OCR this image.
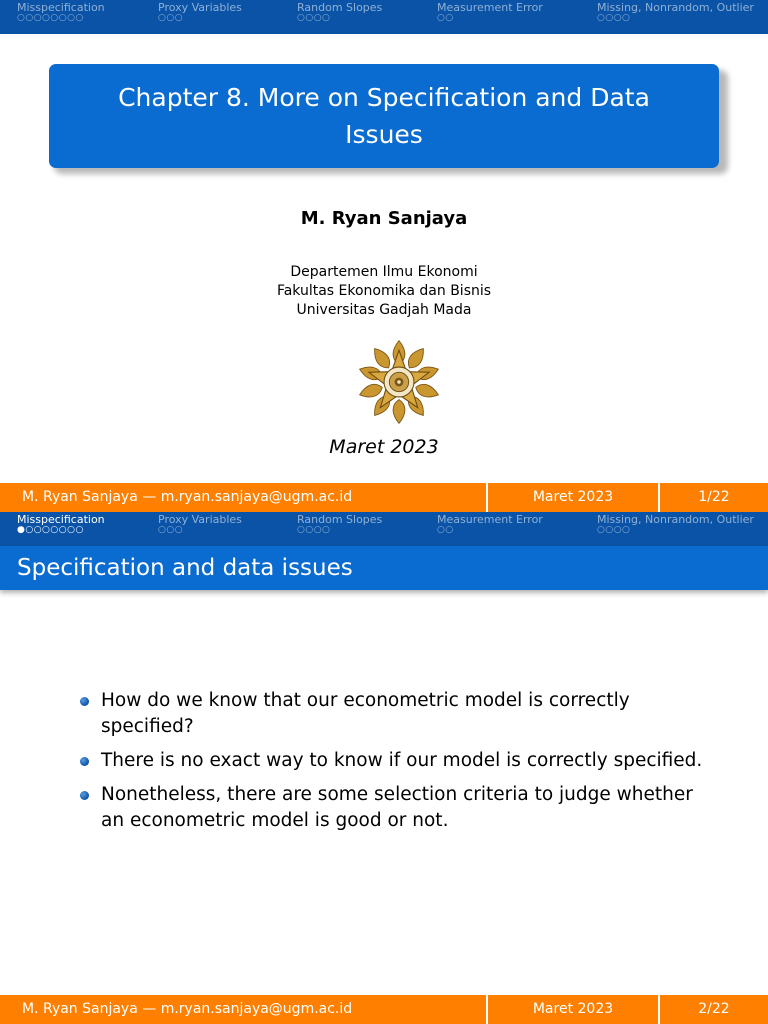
Misspecification
○○○○○○○○
Proxy Variables
○○○
Random Slopes
○○○○
Measurement Error
○○
Missing, Nonrandom, Outlier
○○○○
Chapter 8. More on Specification and Data Issues
M. Ryan Sanjaya
Departemen Ilmu Ekonomi
Fakultas Ekonomika dan Bisnis
Universitas Gadjah Mada
Maret 2023
M. Ryan Sanjaya — m.ryan.sanjaya@ugm.ac.id	Maret 2023	1/22
Misspecification
●○○○○○○○
Proxy Variables
○○○
Random Slopes
○○○○
Measurement Error
○○
Missing, Nonrandom, Outlier
○○○○
Specification and data issues
How do we know that our econometric model is correctly specified?
There is no exact way to know if our model is correctly specified.
Nonetheless, there are some selection criteria to judge whether an econometric model is good or not.
M. Ryan Sanjaya — m.ryan.sanjaya@ugm.ac.id	Maret 2023	2/22
